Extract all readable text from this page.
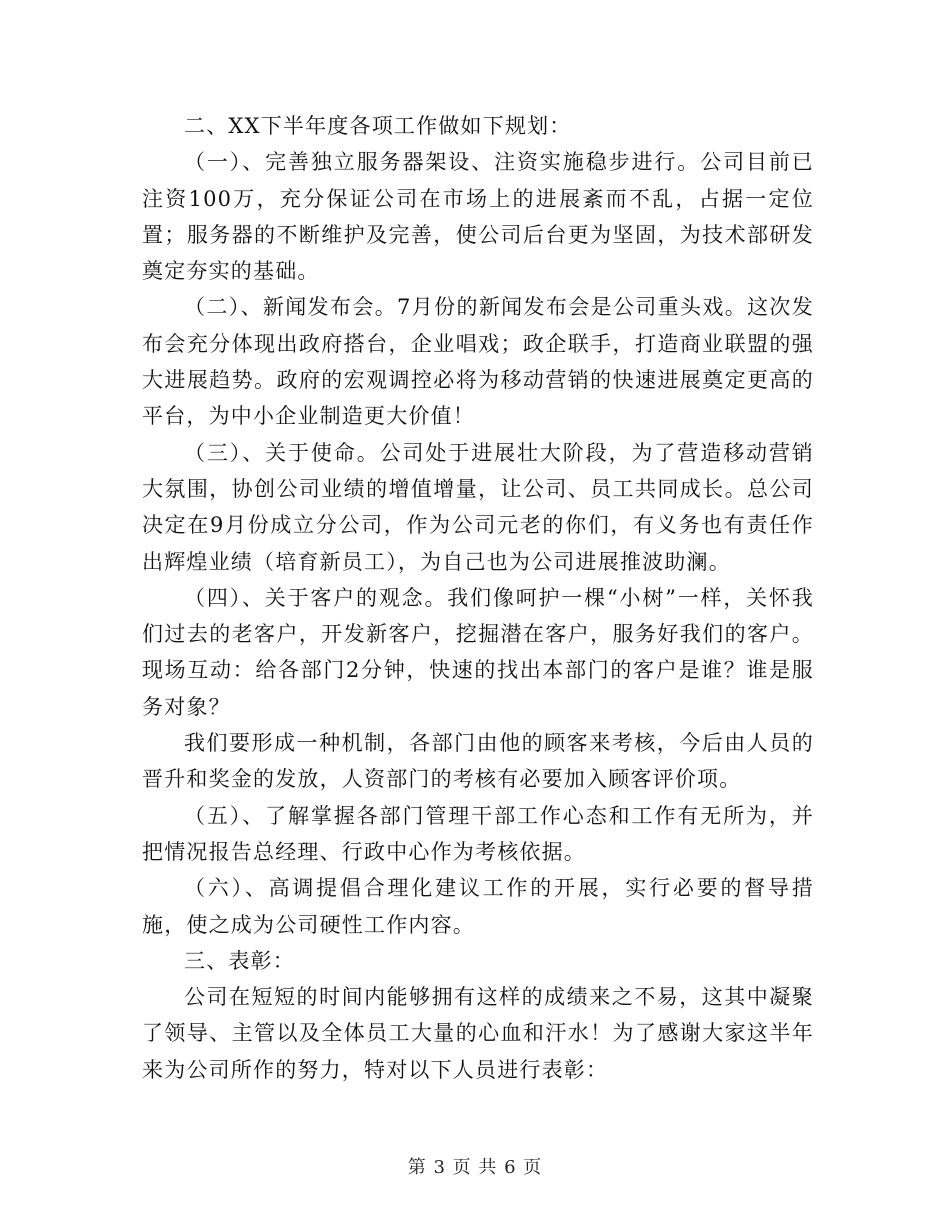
二、XX下半年度各项工作做如下规划：

（一）、完善独立服务器架设、注资实施稳步进行。公司目前已注资100万，充分保证公司在市场上的进展紊而不乱，占据一定位置；服务器的不断维护及完善，使公司后台更为坚固，为技术部研发奠定夯实的基础。

（二）、新闻发布会。7月份的新闻发布会是公司重头戏。这次发布会充分体现出政府搭台，企业唱戏；政企联手，打造商业联盟的强大进展趋势。政府的宏观调控必将为移动营销的快速进展奠定更高的平台，为中小企业制造更大价值！

（三）、关于使命。公司处于进展壮大阶段，为了营造移动营销大氛围，协创公司业绩的增值增量，让公司、员工共同成长。总公司决定在9月份成立分公司，作为公司元老的你们，有义务也有责任作出辉煌业绩（培育新员工），为自己也为公司进展推波助澜。

（四）、关于客户的观念。我们像呵护一棵“小树”一样，关怀我们过去的老客户，开发新客户，挖掘潜在客户，服务好我们的客户。现场互动：给各部门2分钟，快速的找出本部门的客户是谁？谁是服务对象？

我们要形成一种机制，各部门由他的顾客来考核，今后由人员的晋升和奖金的发放，人资部门的考核有必要加入顾客评价项。

（五）、了解掌握各部门管理干部工作心态和工作有无所为，并把情况报告总经理、行政中心作为考核依据。

（六）、高调提倡合理化建议工作的开展，实行必要的督导措施，使之成为公司硬性工作内容。

三、表彰：

公司在短短的时间内能够拥有这样的成绩来之不易，这其中凝聚了领导、主管以及全体员工大量的心血和汗水！为了感谢大家这半年来为公司所作的努力，特对以下人员进行表彰：

第 3 页 共 6 页
